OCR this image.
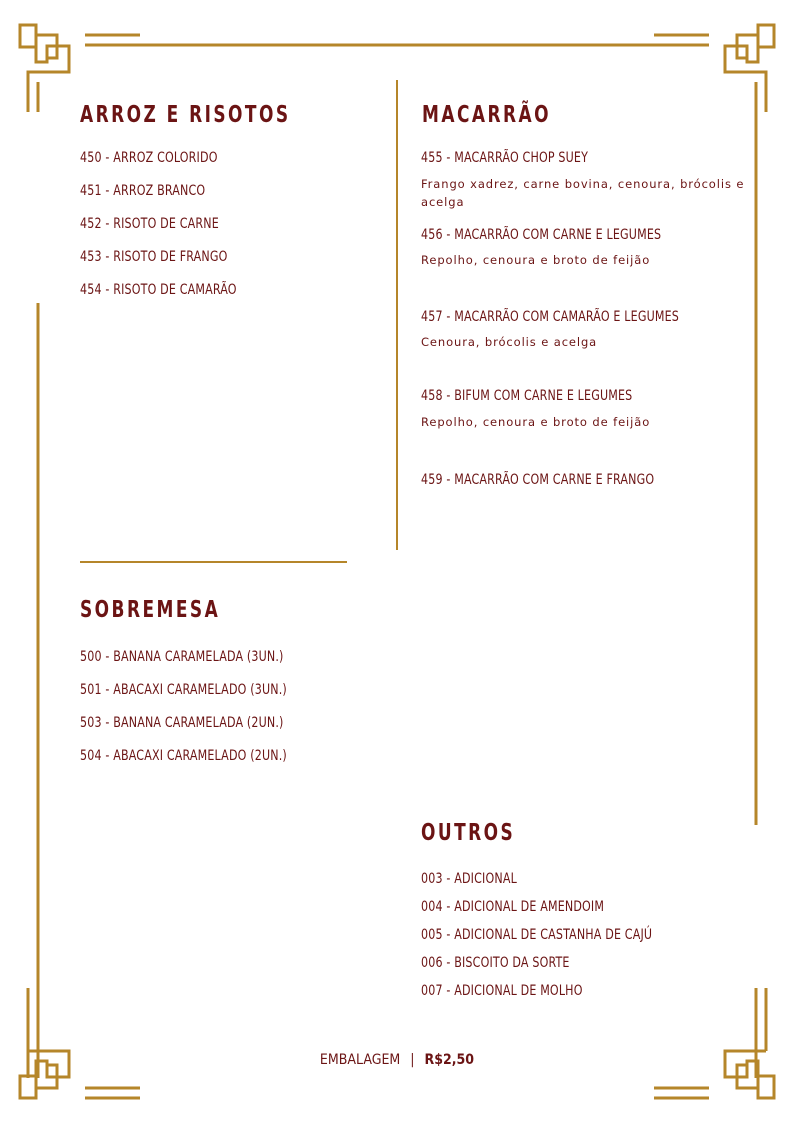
ARROZ E RISOTOS
450 - ARROZ COLORIDO
451 - ARROZ BRANCO
452 - RISOTO DE CARNE
453 - RISOTO DE FRANGO
454 - RISOTO DE CAMARÃO
MACARRÃO
455 - MACARRÃO CHOP SUEY
Frango xadrez, carne bovina, cenoura, brócolis e acelga
456 - MACARRÃO COM CARNE E LEGUMES
Repolho, cenoura e broto de feijão
457 - MACARRÃO COM CAMARÃO E LEGUMES
Cenoura, brócolis e acelga
458 - BIFUM COM CARNE E LEGUMES
Repolho, cenoura e broto de feijão
459 - MACARRÃO COM CARNE E FRANGO
SOBREMESA
500 - BANANA CARAMELADA (3UN.)
501 - ABACAXI CARAMELADO (3UN.)
503 - BANANA CARAMELADA (2UN.)
504 - ABACAXI CARAMELADO (2UN.)
OUTROS
003 - ADICIONAL
004 - ADICIONAL DE AMENDOIM
005 - ADICIONAL DE CASTANHA DE CAJÚ
006 - BISCOITO DA SORTE
007 - ADICIONAL DE MOLHO
EMBALAGEM | R$2,50
